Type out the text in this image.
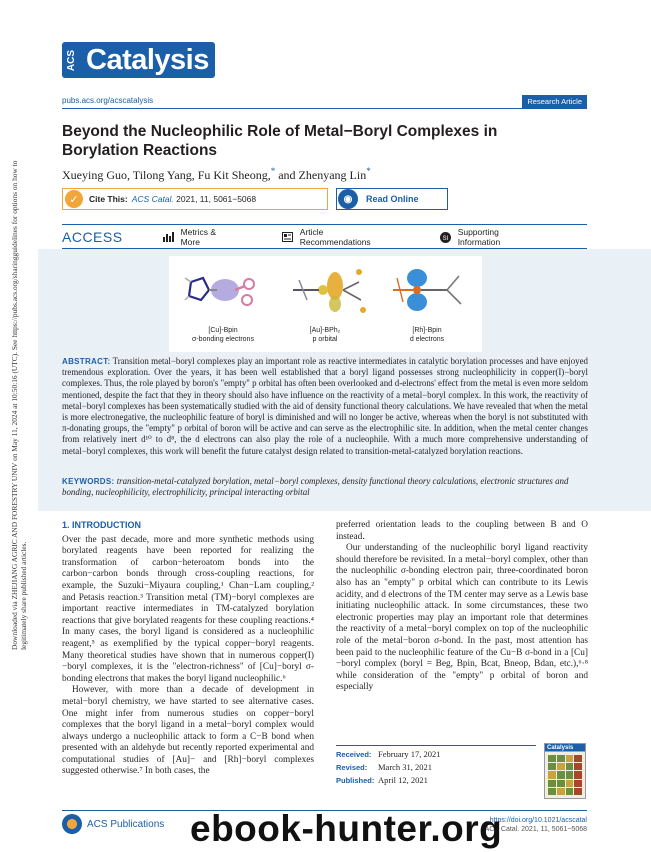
Downloaded via ZHEJIANG AGRIC AND FORESTRY UNIV on May 11, 2024 at 10:50:16 (UTC). See https://pubs.acs.org/sharingguidelines for options on how to legitimately share published articles.
ACS Catalysis
pubs.acs.org/acscatalysis	Research Article
Beyond the Nucleophilic Role of Metal−Boryl Complexes in Borylation Reactions
Xueying Guo, Tilong Yang, Fu Kit Sheong,* and Zhenyang Lin*
✓	Cite This: ACS Catal.
2021, 11, 5061−5068	◉	Read Online
ACCESS	Metrics & More
Article Recommendations	SI
Supporting Information
[Cu]-Bpin
σ-bonding electrons
[Au]-BPh₂
p orbital
[Rh]-Bpin
d electrons
ABSTRACT: Transition metal−boryl complexes play an important role as reactive intermediates in catalytic borylation processes and have enjoyed tremendous exploration. Over the years, it has been well established that a boryl ligand possesses strong nucleophilicity in copper(I)−boryl complexes. Thus, the role played by boron's "empty" p orbital has often been overlooked and d-electrons' effect from the metal is even more seldom mentioned, despite the fact that they in theory should also have influence on the reactivity of a metal−boryl complex. In this work, the reactivity of metal−boryl complexes has been systematically studied with the aid of density functional theory calculations. We have revealed that when the metal is more electronegative, the nucleophilic feature of boryl is diminished and will no longer be active, whereas when the boryl is not substituted with π-donating groups, the "empty" p orbital of boron will be active and can serve as the electrophilic site. In addition, when the metal center changes from relatively inert d¹⁰ to d⁸, the d electrons can also play the role of a nucleophile. With a much more comprehensive understanding of metal−boryl complexes, this work will benefit the future catalyst design related to transition-metal-catalyzed borylation reactions.
KEYWORDS: transition-metal-catalyzed borylation, metal−boryl complexes, density functional theory calculations, electronic structures and bonding, nucleophilicity, electrophilicity, principal interacting orbital
1. INTRODUCTION

Over the past decade, more and more synthetic methods using borylated reagents have been reported for realizing the transformation of carbon−heteroatom bonds into the carbon−carbon bonds through cross-coupling reactions, for example, the Suzuki−Miyaura coupling,¹ Chan−Lam coupling,² and Petasis reaction.³ Transition metal (TM)−boryl complexes are important reactive intermediates in TM-catalyzed borylation reactions that give borylated reagents for these coupling reactions.⁴ In many cases, the boryl ligand is considered as a nucleophilic reagent,⁵ as exemplified by the typical copper−boryl reagents. Many theoretical studies have shown that in numerous copper(I)−boryl complexes, it is the "electron-richness" of [Cu]−boryl σ-bonding electrons that makes the boryl ligand nucleophilic.⁶

However, with more than a decade of development in metal−boryl chemistry, we have started to see alternative cases. One might infer from numerous studies on copper−boryl complexes that the boryl ligand in a metal−boryl complex would always undergo a nucleophilic attack to form a C−B bond when presented with an aldehyde but recently reported experimental and computational studies of [Au]− and [Rh]−boryl complexes suggested otherwise.⁷ In both cases, the

preferred orientation leads to the coupling between B and O instead.

Our understanding of the nucleophilic boryl ligand reactivity should therefore be revisited. In a metal−boryl complex, other than the nucleophilic σ-bonding electron pair, three-coordinated boron also has an "empty" p orbital which can contribute to its Lewis acidity, and d electrons of the TM center may serve as a Lewis base initiating nucleophilic attack. In some circumstances, these two electronic properties may play an important role that determines the reactivity of a metal−boryl complex on top of the nucleophilic role of the metal−boron σ-bond. In the past, most attention has been paid to the nucleophilic feature of the Cu−B σ-bond in a [Cu]−boryl complex (boryl = Beg, Bpin, Bcat, Bneop, Bdan, etc.),⁶·⁸ while consideration of the "empty" p orbital of boron and especially

Received: February 17, 2021
Revised: March 31, 2021
Published: April 12, 2021
Catalysis
ACS Publications	https://doi.org/10.1021/acscatal
ACS Catal. 2021, 11, 5061−5068
ebook-hunter.org
